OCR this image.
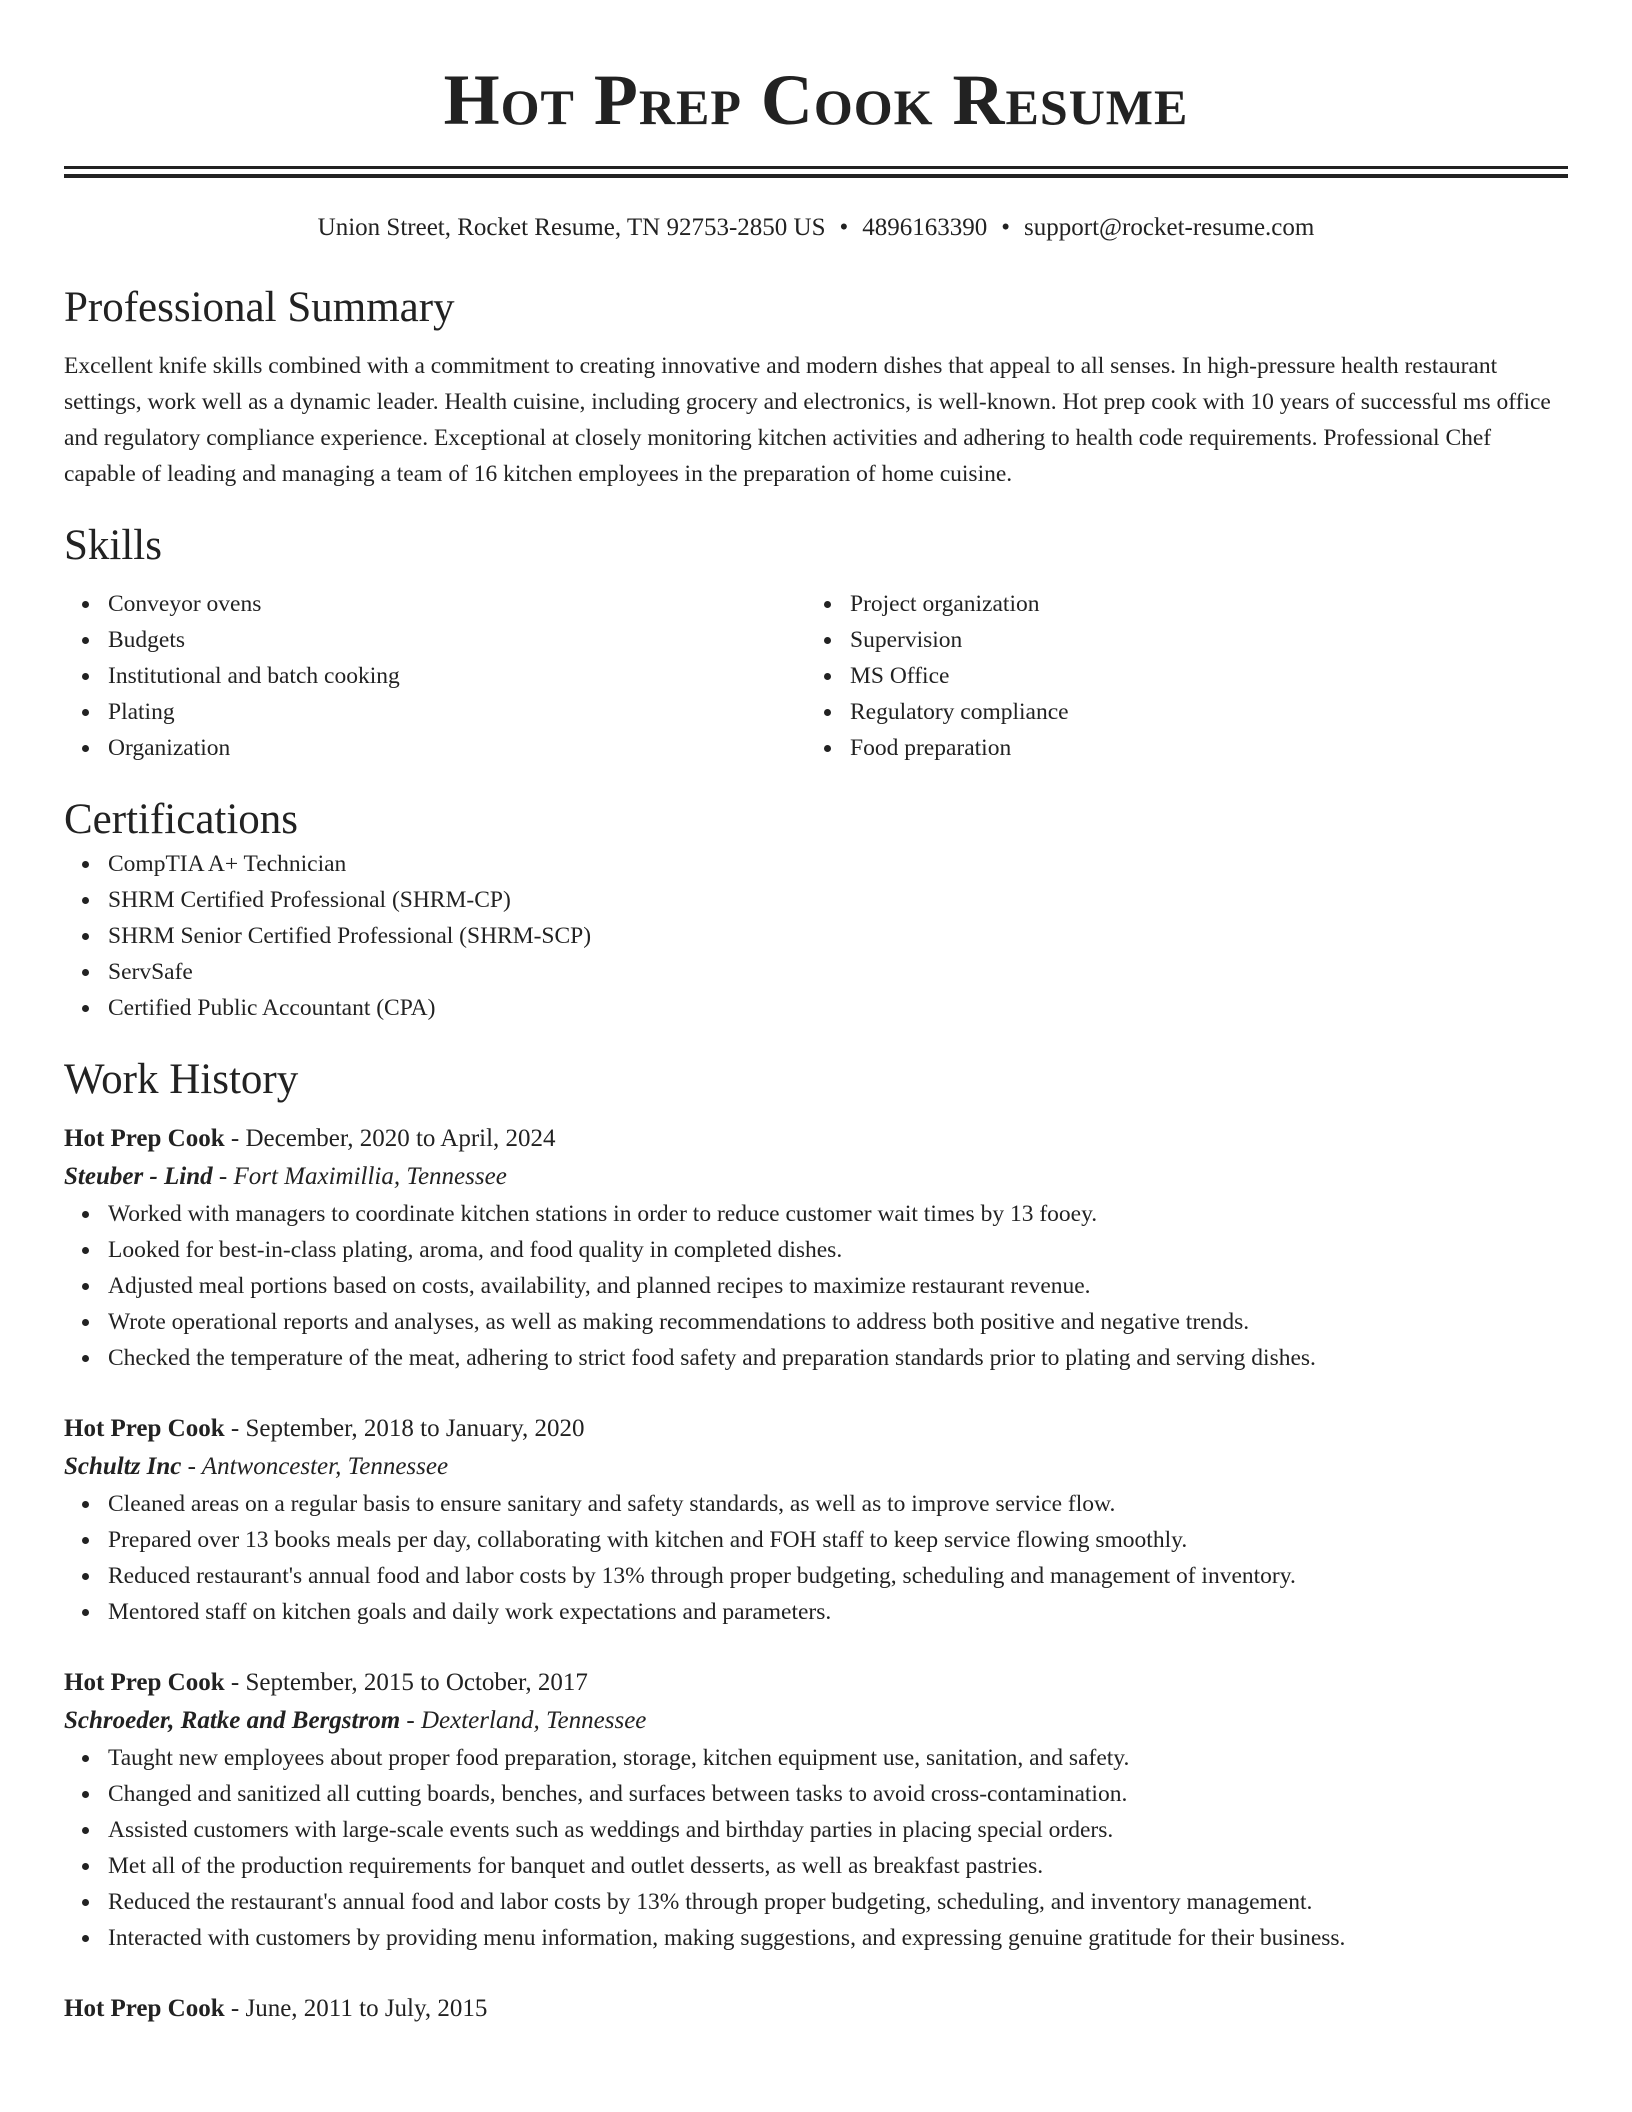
Hot Prep Cook Resume
Union Street, Rocket Resume, TN 92753-2850 US • 4896163390 • support@rocket-resume.com
Professional Summary

Excellent knife skills combined with a commitment to creating innovative and modern dishes that appeal to all senses. In high-pressure health restaurant settings, work well as a dynamic leader. Health cuisine, including grocery and electronics, is well-known. Hot prep cook with 10 years of successful ms office and regulatory compliance experience. Exceptional at closely monitoring kitchen activities and adhering to health code requirements. Professional Chef capable of leading and managing a team of 16 kitchen employees in the preparation of home cuisine.

Skills
Conveyor ovens
Budgets
Institutional and batch cooking
Plating
Organization
Project organization
Supervision
MS Office
Regulatory compliance
Food preparation
Certifications
CompTIA A+ Technician
SHRM Certified Professional (SHRM-CP)
SHRM Senior Certified Professional (SHRM-SCP)
ServSafe
Certified Public Accountant (CPA)
Work History
Hot Prep Cook - December, 2020 to April, 2024
Steuber - Lind - Fort Maximillia, Tennessee
Worked with managers to coordinate kitchen stations in order to reduce customer wait times by 13 fooey.
Looked for best-in-class plating, aroma, and food quality in completed dishes.
Adjusted meal portions based on costs, availability, and planned recipes to maximize restaurant revenue.
Wrote operational reports and analyses, as well as making recommendations to address both positive and negative trends.
Checked the temperature of the meat, adhering to strict food safety and preparation standards prior to plating and serving dishes.
Hot Prep Cook - September, 2018 to January, 2020
Schultz Inc - Antwoncester, Tennessee
Cleaned areas on a regular basis to ensure sanitary and safety standards, as well as to improve service flow.
Prepared over 13 books meals per day, collaborating with kitchen and FOH staff to keep service flowing smoothly.
Reduced restaurant's annual food and labor costs by 13% through proper budgeting, scheduling and management of inventory.
Mentored staff on kitchen goals and daily work expectations and parameters.
Hot Prep Cook - September, 2015 to October, 2017
Schroeder, Ratke and Bergstrom - Dexterland, Tennessee
Taught new employees about proper food preparation, storage, kitchen equipment use, sanitation, and safety.
Changed and sanitized all cutting boards, benches, and surfaces between tasks to avoid cross-contamination.
Assisted customers with large-scale events such as weddings and birthday parties in placing special orders.
Met all of the production requirements for banquet and outlet desserts, as well as breakfast pastries.
Reduced the restaurant's annual food and labor costs by 13% through proper budgeting, scheduling, and inventory management.
Interacted with customers by providing menu information, making suggestions, and expressing genuine gratitude for their business.
Hot Prep Cook - June, 2011 to July, 2015
